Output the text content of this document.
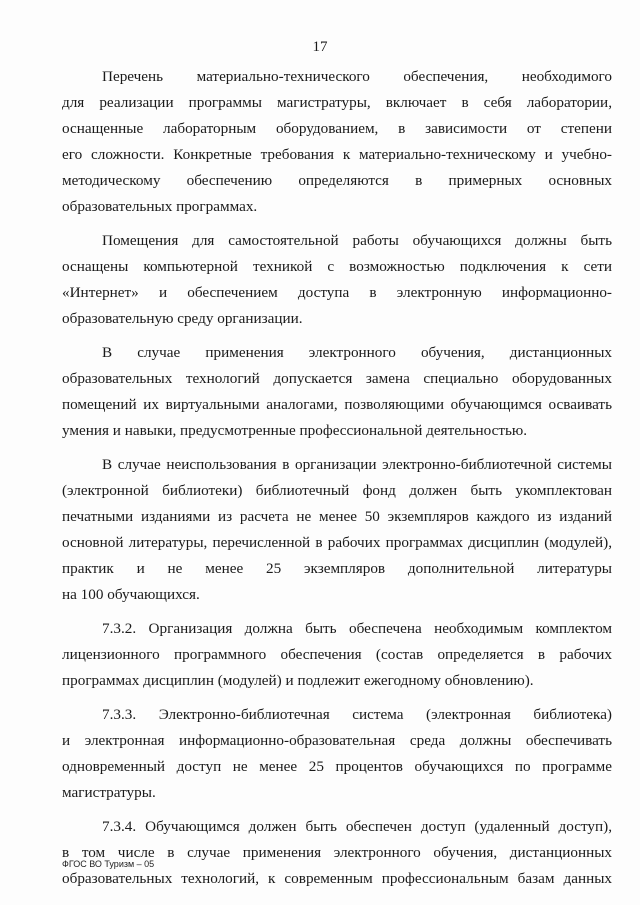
17

Перечень материально-технического обеспечения, необходимого
для реализации программы магистратуры, включает в себя лаборатории,
оснащенные лабораторным оборудованием, в зависимости от степени
его сложности. Конкретные требования к материально-техническому и учебно-
методическому обеспечению определяются в примерных основных
образовательных программах.

Помещения для самостоятельной работы обучающихся должны быть
оснащены компьютерной техникой с возможностью подключения к сети
«Интернет» и обеспечением доступа в электронную информационно-
образовательную среду организации.

В случае применения электронного обучения, дистанционных
образовательных технологий допускается замена специально оборудованных
помещений их виртуальными аналогами, позволяющими обучающимся осваивать
умения и навыки, предусмотренные профессиональной деятельностью.

В случае неиспользования в организации электронно-библиотечной системы
(электронной библиотеки) библиотечный фонд должен быть укомплектован
печатными изданиями из расчета не менее 50 экземпляров каждого из изданий
основной литературы, перечисленной в рабочих программах дисциплин (модулей),
практик и не менее 25 экземпляров дополнительной литературы
на 100 обучающихся.

7.3.2. Организация должна быть обеспечена необходимым комплектом
лицензионного программного обеспечения (состав определяется в рабочих
программах дисциплин (модулей) и подлежит ежегодному обновлению).

7.3.3. Электронно-библиотечная система (электронная библиотека)
и электронная информационно-образовательная среда должны обеспечивать
одновременный доступ не менее 25 процентов обучающихся по программе
магистратуры.

7.3.4. Обучающимся должен быть обеспечен доступ (удаленный доступ),
в том числе в случае применения электронного обучения, дистанционных
образовательных технологий, к современным профессиональным базам данных

ФГОС ВО Туризм – 05
